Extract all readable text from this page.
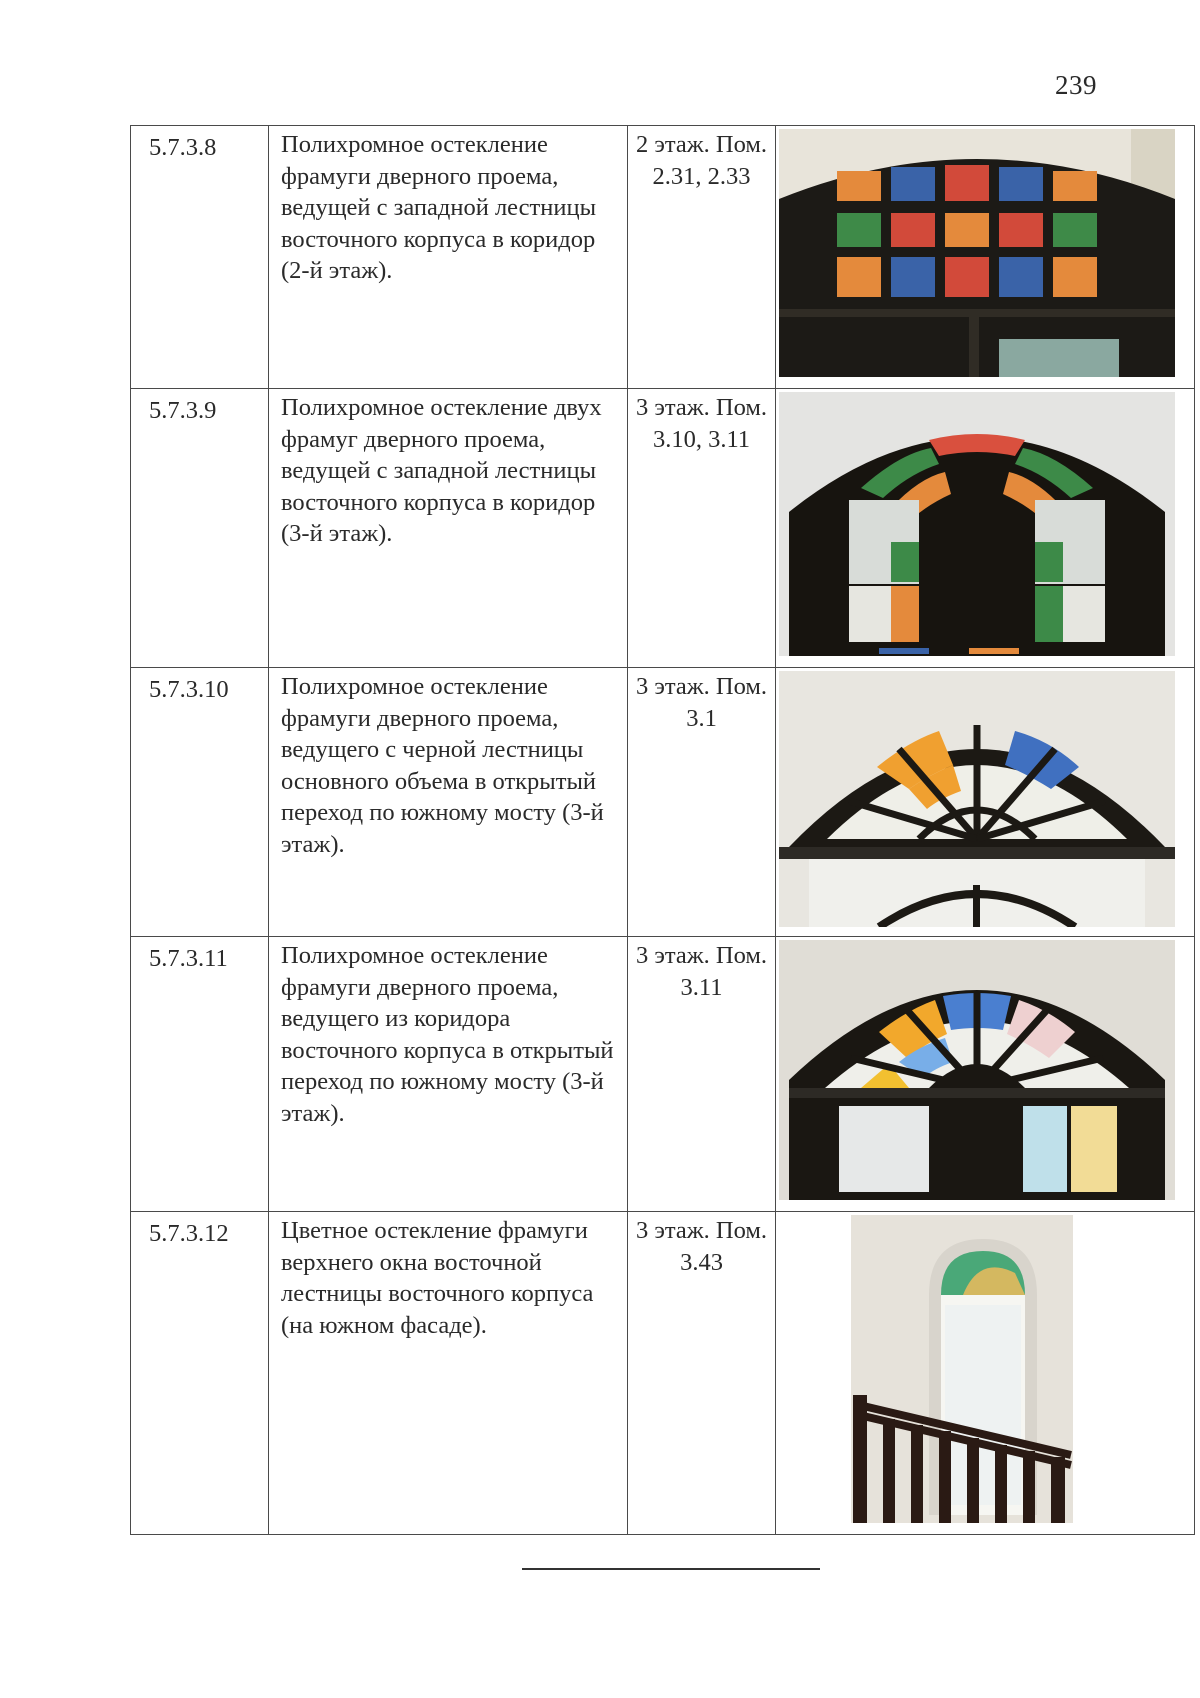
239
5.7.3.8	Полихромное остекление фрамуги дверного проема, ведущей с западной лестницы восточного корпуса в коридор (2-й этаж).	2 этаж. Пом. 2.31, 2.33	

5.7.3.9	Полихромное остекление двух фрамуг дверного проема, ведущей с западной лестницы восточного корпуса в коридор (3-й этаж).	3 этаж. Пом. 3.10, 3.11	

5.7.3.10	Полихромное остекление фрамуги дверного проема, ведущего с черной лестницы основного объема в открытый переход по южному мосту (3-й этаж).	3 этаж. Пом. 3.1	

5.7.3.11	Полихромное остекление фрамуги дверного проема, ведущего из коридора восточного корпуса в открытый переход по южному мосту (3-й этаж).	3 этаж. Пом. 3.11	

5.7.3.12	Цветное остекление фрамуги верхнего окна восточной лестницы восточного корпуса (на южном фасаде).	3 этаж. Пом. 3.43	
